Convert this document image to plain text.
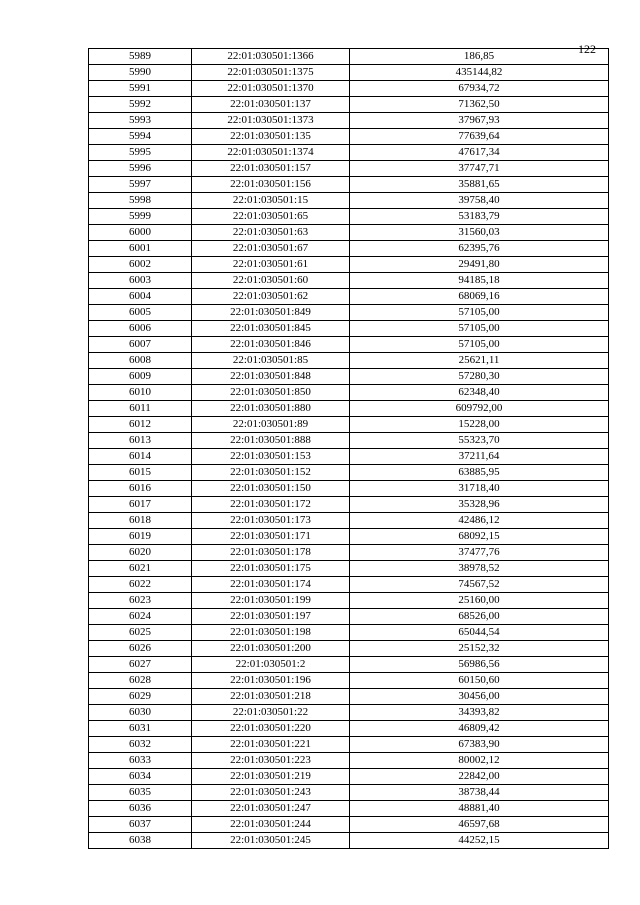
122
5989	22:01:030501:1366	186,85
5990	22:01:030501:1375	435144,82
5991	22:01:030501:1370	67934,72
5992	22:01:030501:137	71362,50
5993	22:01:030501:1373	37967,93
5994	22:01:030501:135	77639,64
5995	22:01:030501:1374	47617,34
5996	22:01:030501:157	37747,71
5997	22:01:030501:156	35881,65
5998	22:01:030501:15	39758,40
5999	22:01:030501:65	53183,79
6000	22:01:030501:63	31560,03
6001	22:01:030501:67	62395,76
6002	22:01:030501:61	29491,80
6003	22:01:030501:60	94185,18
6004	22:01:030501:62	68069,16
6005	22:01:030501:849	57105,00
6006	22:01:030501:845	57105,00
6007	22:01:030501:846	57105,00
6008	22:01:030501:85	25621,11
6009	22:01:030501:848	57280,30
6010	22:01:030501:850	62348,40
6011	22:01:030501:880	609792,00
6012	22:01:030501:89	15228,00
6013	22:01:030501:888	55323,70
6014	22:01:030501:153	37211,64
6015	22:01:030501:152	63885,95
6016	22:01:030501:150	31718,40
6017	22:01:030501:172	35328,96
6018	22:01:030501:173	42486,12
6019	22:01:030501:171	68092,15
6020	22:01:030501:178	37477,76
6021	22:01:030501:175	38978,52
6022	22:01:030501:174	74567,52
6023	22:01:030501:199	25160,00
6024	22:01:030501:197	68526,00
6025	22:01:030501:198	65044,54
6026	22:01:030501:200	25152,32
6027	22:01:030501:2	56986,56
6028	22:01:030501:196	60150,60
6029	22:01:030501:218	30456,00
6030	22:01:030501:22	34393,82
6031	22:01:030501:220	46809,42
6032	22:01:030501:221	67383,90
6033	22:01:030501:223	80002,12
6034	22:01:030501:219	22842,00
6035	22:01:030501:243	38738,44
6036	22:01:030501:247	48881,40
6037	22:01:030501:244	46597,68
6038	22:01:030501:245	44252,15
